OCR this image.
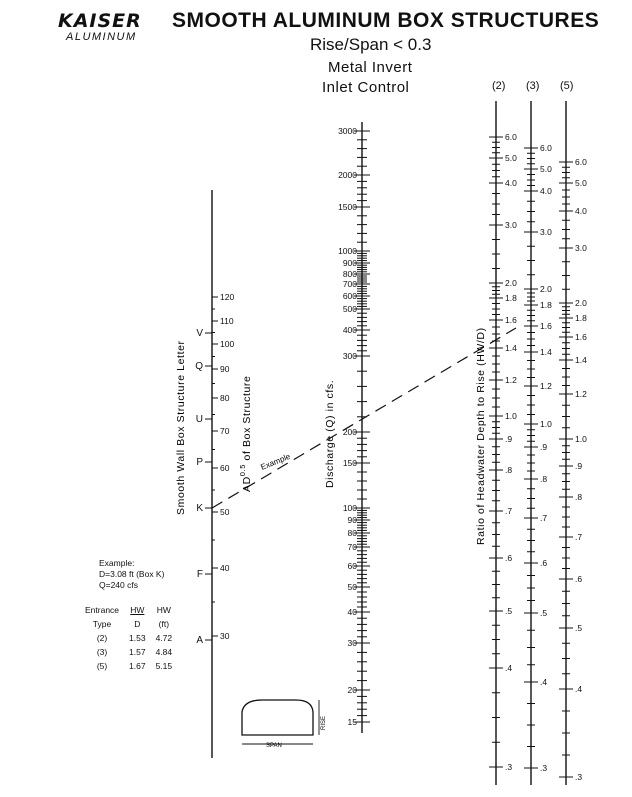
KAISER
ALUMINUM
SMOOTH ALUMINUM BOX STRUCTURES
Rise/Span < 0.3
Metal Invert
Inlet Control	(2) (3) (5)
Example
Smooth Wall Box Structure Letter	$AD^{0.5}$ of Box Structure	Discharge (Q) in cfs.	Ratio of Headwater Depth to Rise (HW/D)
V
Q
U
P
K
F
A
120
110
100
90
80
70
60
50
40
30
3000
2000
1500
1000
900
800
700
600
500
400
300
200
150
100
90
80
70
60
50
40
30
20
15
6.0
5.0
4.0
3.0
2.0
1.8
1.6
1.4
1.2
1.0
.9
.8
.7
.6
.5
.4
.3
6.0
5.0
4.0
3.0
2.0
1.8
1.6
1.4
1.2
1.0
.9
.8
.7
.6
.5
.4
.3
6.0
5.0
4.0
3.0
2.0
1.8
1.6
1.4
1.2
1.0
.9
.8
.7
.6
.5
.4
.3
RISE
SPAN
Example:
D=3.08 ft (Box K)
Q=240 cfs
Entrance	HW	HW
Type	D	(ft)
(2)	1.53	4.72
(3)	1.57	4.84
(5)	1.67	5.15
